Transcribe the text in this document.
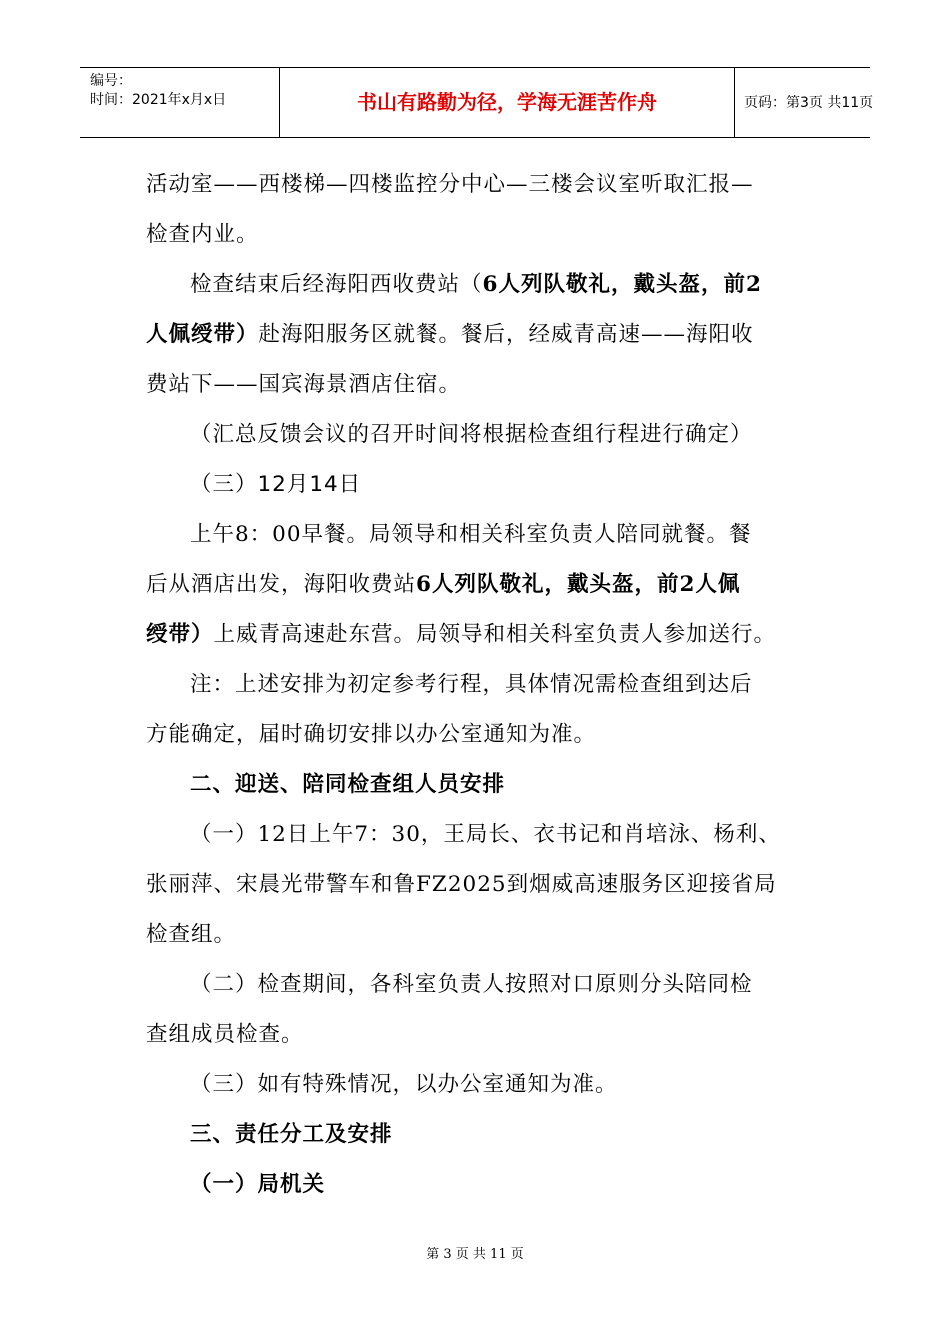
编号：
时间：2021年x月x日	书山有路勤为径，学海无涯苦作舟	页码：第3页 共11页
活动室——西楼梯—四楼监控分中心—三楼会议室听取汇报—
检查内业。
检查结束后经海阳西收费站（6人列队敬礼，戴头盔，前2
人佩绶带）赴海阳服务区就餐。餐后，经威青高速——海阳收
费站下——国宾海景酒店住宿。
（汇总反馈会议的召开时间将根据检查组行程进行确定）
（三）12月14日
上午8：00早餐。局领导和相关科室负责人陪同就餐。餐
后从酒店出发，海阳收费站6人列队敬礼，戴头盔，前2人佩
绶带）上威青高速赴东营。局领导和相关科室负责人参加送行。
注：上述安排为初定参考行程，具体情况需检查组到达后
方能确定，届时确切安排以办公室通知为准。
二、迎送、陪同检查组人员安排
（一）12日上午7：30，王局长、衣书记和肖培泳、杨利、
张丽萍、宋晨光带警车和鲁FZ2025到烟威高速服务区迎接省局
检查组。
（二）检查期间，各科室负责人按照对口原则分头陪同检
查组成员检查。
（三）如有特殊情况，以办公室通知为准。
三、责任分工及安排
（一）局机关
第 3 页 共 11 页
